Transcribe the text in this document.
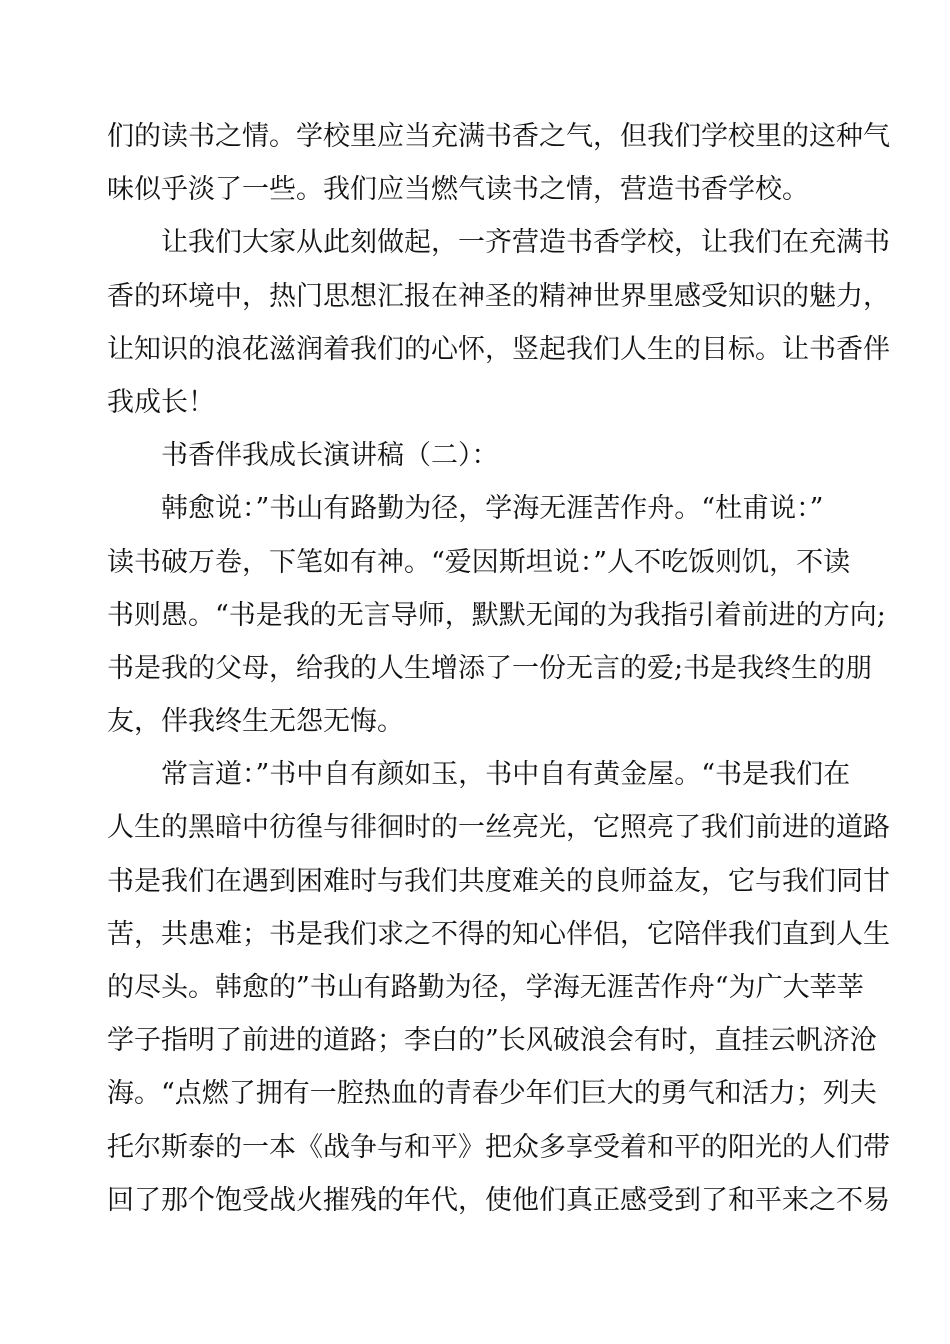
们的读书之情。学校里应当充满书香之气，但我们学校里的这种气
味似乎淡了一些。我们应当燃气读书之情，营造书香学校。
让我们大家从此刻做起，一齐营造书香学校，让我们在充满书
香的环境中，热门思想汇报在神圣的精神世界里感受知识的魅力，
让知识的浪花滋润着我们的心怀，竖起我们人生的目标。让书香伴
我成长！
书香伴我成长演讲稿（二）：
韩愈说：”书山有路勤为径，学海无涯苦作舟。“杜甫说：”
读书破万卷，下笔如有神。“爱因斯坦说：”人不吃饭则饥，不读
书则愚。“书是我的无言导师，默默无闻的为我指引着前进的方向;
书是我的父母，给我的人生增添了一份无言的爱;书是我终生的朋
友，伴我终生无怨无悔。
常言道：”书中自有颜如玉，书中自有黄金屋。“书是我们在
人生的黑暗中彷徨与徘徊时的一丝亮光，它照亮了我们前进的道路
书是我们在遇到困难时与我们共度难关的良师益友，它与我们同甘
苦，共患难；书是我们求之不得的知心伴侣，它陪伴我们直到人生
的尽头。韩愈的”书山有路勤为径，学海无涯苦作舟“为广大莘莘
学子指明了前进的道路；李白的”长风破浪会有时，直挂云帆济沧
海。“点燃了拥有一腔热血的青春少年们巨大的勇气和活力；列夫
托尔斯泰的一本《战争与和平》把众多享受着和平的阳光的人们带
回了那个饱受战火摧残的年代，使他们真正感受到了和平来之不易
